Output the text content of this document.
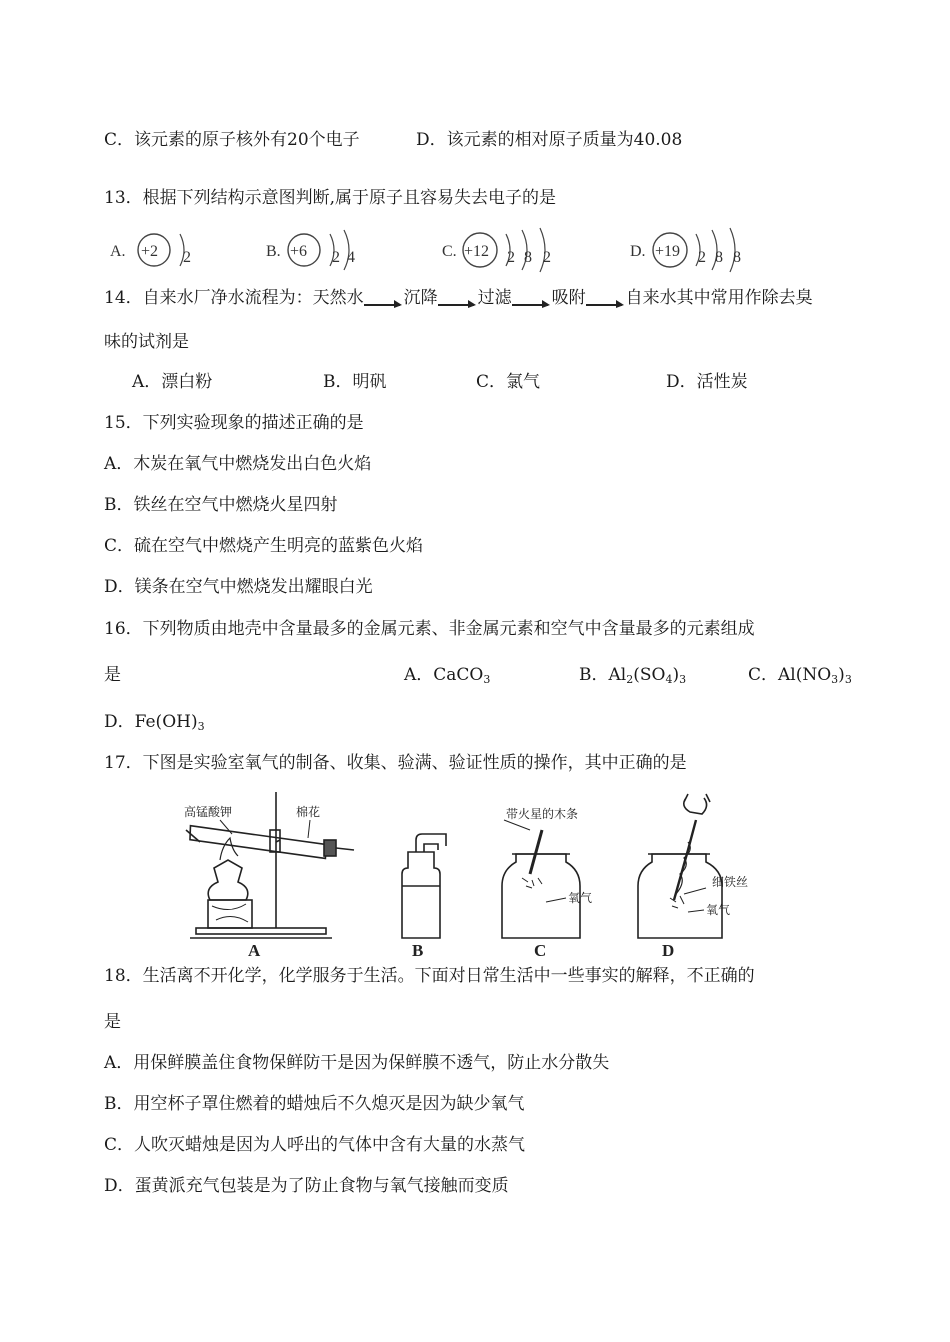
C．该元素的原子核外有20个电子	D．该元素的相对原子质量为40.08
13．根据下列结构示意图判断,属于原子且容易失去电子的是
A. +2 2	B. +6 2 4	C. +12 2 8 2	D. +19 2 8 8
14．自来水厂净水流程为：天然水 沉降 过滤 吸附 自来水其中常用作除去臭
味的试剂是
A．漂白粉	B．明矾	C．氯气	D．活性炭
15．下列实验现象的描述正确的是
A．木炭在氧气中燃烧发出白色火焰
B．铁丝在空气中燃烧火星四射
C．硫在空气中燃烧产生明亮的蓝紫色火焰
D．镁条在空气中燃烧发出耀眼白光
16．下列物质由地壳中含量最多的金属元素、非金属元素和空气中含量最多的元素组成
是	A．CaCO$_3$	B．$Al_2(SO_4)_3$	C．$Al(NO_3)_3$
D．$Fe(OH)_3$
17．下图是实验室氧气的制备、收集、验满、验证性质的操作，其中正确的是
高锰酸钾	棉花
A	B
带火星的木条
氧气
C
细铁丝
氧气
D
18．生活离不开化学，化学服务于生活。下面对日常生活中一些事实的解释，不正确的
是
A．用保鲜膜盖住食物保鲜防干是因为保鲜膜不透气，防止水分散失
B．用空杯子罩住燃着的蜡烛后不久熄灭是因为缺少氧气
C．人吹灭蜡烛是因为人呼出的气体中含有大量的水蒸气
D．蛋黄派充气包装是为了防止食物与氧气接触而变质
